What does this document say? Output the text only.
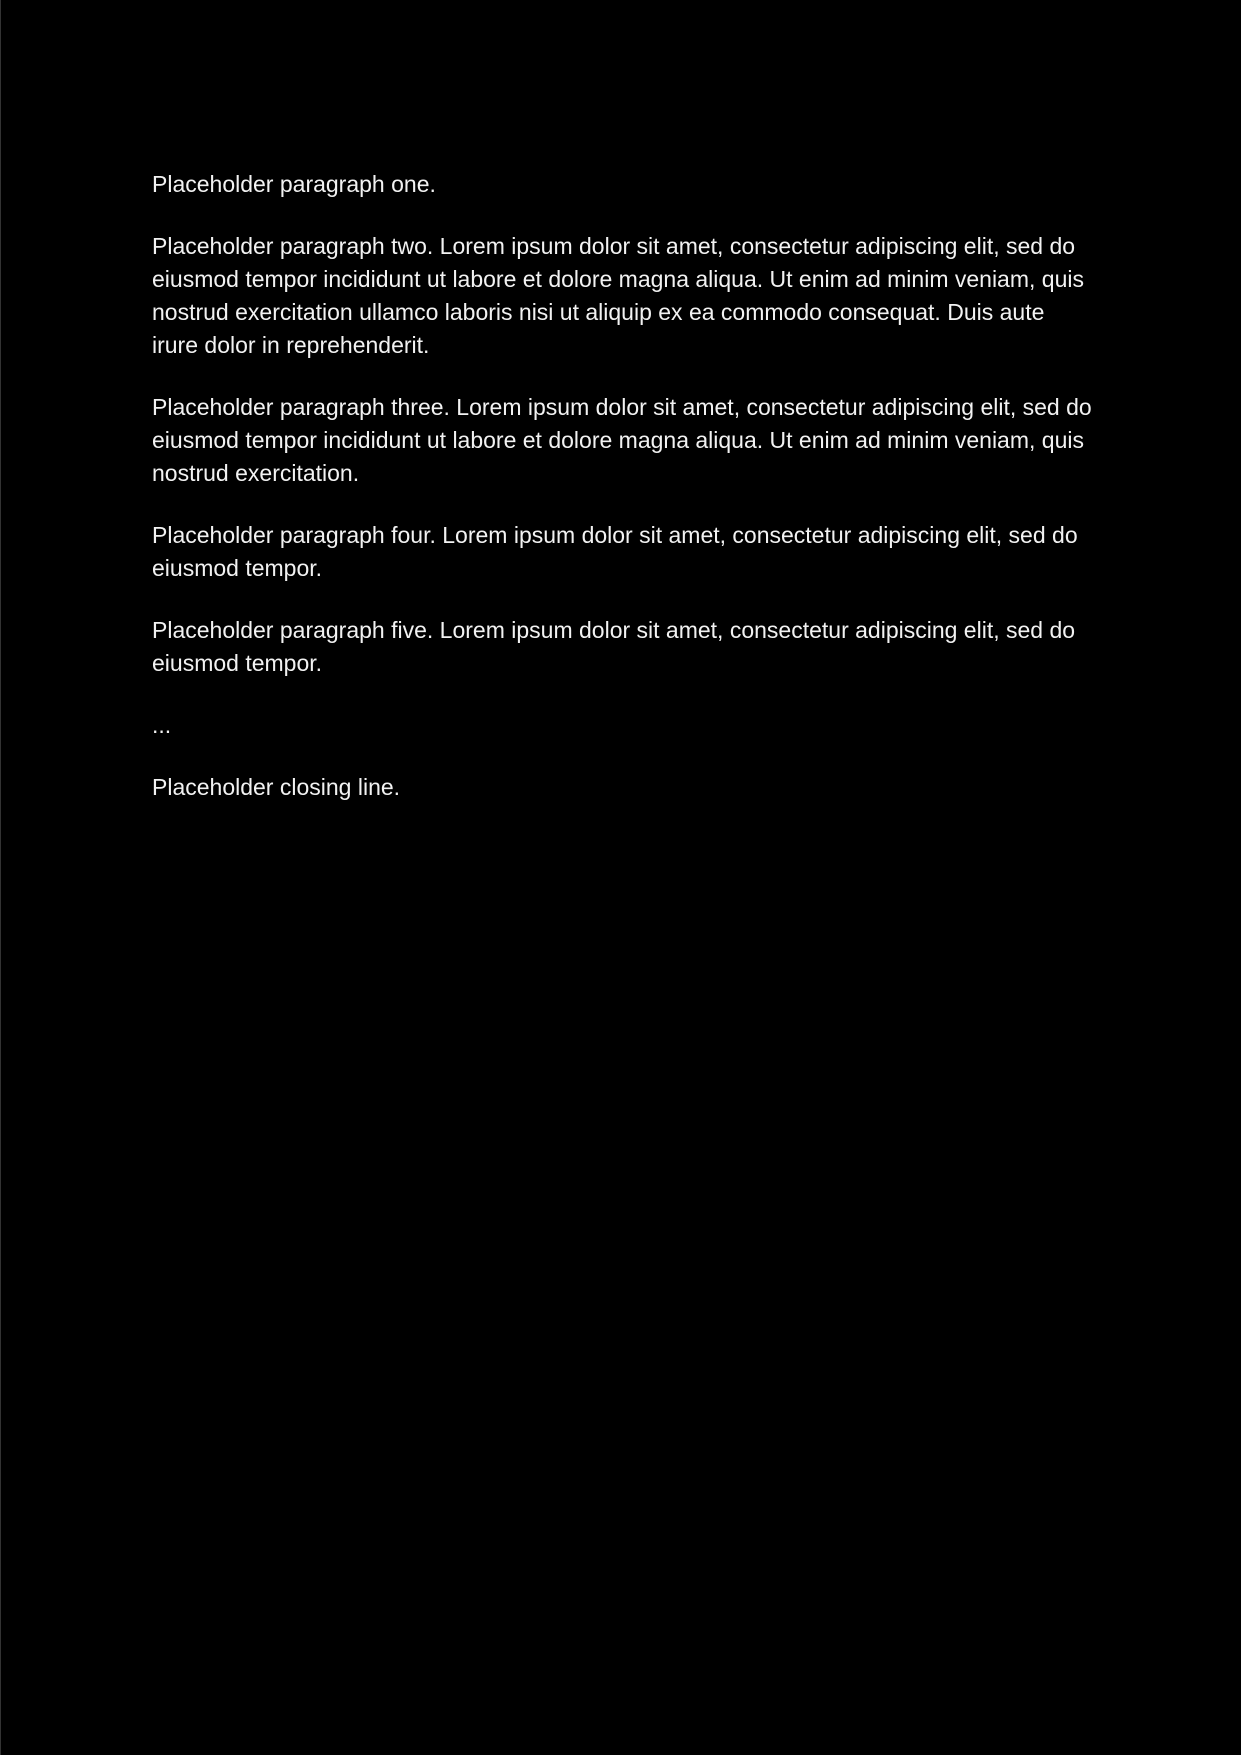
Placeholder paragraph one.

Placeholder paragraph two. Lorem ipsum dolor sit amet, consectetur adipiscing elit, sed do eiusmod tempor incididunt ut labore et dolore magna aliqua. Ut enim ad minim veniam, quis nostrud exercitation ullamco laboris nisi ut aliquip ex ea commodo consequat. Duis aute irure dolor in reprehenderit.

Placeholder paragraph three. Lorem ipsum dolor sit amet, consectetur adipiscing elit, sed do eiusmod tempor incididunt ut labore et dolore magna aliqua. Ut enim ad minim veniam, quis nostrud exercitation.

Placeholder paragraph four. Lorem ipsum dolor sit amet, consectetur adipiscing elit, sed do eiusmod tempor.

Placeholder paragraph five. Lorem ipsum dolor sit amet, consectetur adipiscing elit, sed do eiusmod tempor.

...

Placeholder closing line.
